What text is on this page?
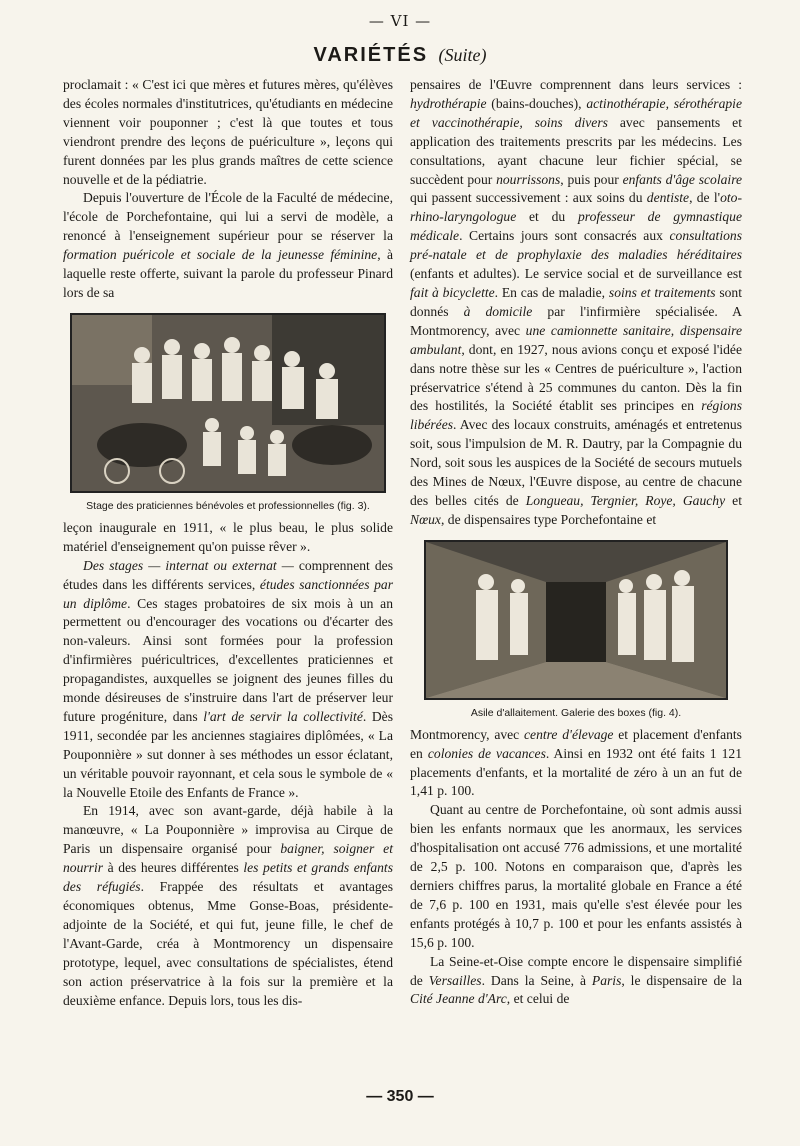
— VI —
VARIÉTÉS (Suite)

proclamait : « C'est ici que mères et futures mères, qu'élèves des écoles normales d'institutrices, qu'étudiants en médecine viennent voir pouponner ; c'est là que toutes et tous viendront prendre des leçons de puériculture », leçons qui furent données par les plus grands maîtres de cette science nouvelle et de la pédiatrie.

Depuis l'ouverture de l'École de la Faculté de médecine, l'école de Porchefontaine, qui lui a servi de modèle, a renoncé à l'enseignement supérieur pour se réserver la formation puéricole et sociale de la jeunesse féminine, à laquelle reste offerte, suivant la parole du professeur Pinard lors de sa

Stage des praticiennes bénévoles et professionnelles (fig. 3).

leçon inaugurale en 1911, « le plus beau, le plus solide matériel d'enseignement qu'on puisse rêver ».

Des stages — internat ou externat — comprennent des études dans les différents services, études sanctionnées par un diplôme. Ces stages probatoires de six mois à un an permettent ou d'encourager des vocations ou d'écarter des non-valeurs. Ainsi sont formées pour la profession d'infirmières puéricultrices, d'excellentes praticiennes et propagandistes, auxquelles se joignent des jeunes filles du monde désireuses de s'instruire dans l'art de préserver leur future progéniture, dans l'art de servir la collectivité. Dès 1911, secondée par les anciennes stagiaires diplômées, « La Pouponnière » sut donner à ses méthodes un essor éclatant, un véritable pouvoir rayonnant, et cela sous le symbole de « la Nouvelle Etoile des Enfants de France ».

En 1914, avec son avant-garde, déjà habile à la manœuvre, « La Pouponnière » improvisa au Cirque de Paris un dispensaire organisé pour baigner, soigner et nourrir à des heures différentes les petits et grands enfants des réfugiés. Frappée des résultats et avantages économiques obtenus, Mme Gonse-Boas, présidente-adjointe de la Société, et qui fut, jeune fille, le chef de l'Avant-Garde, créa à Montmorency un dispensaire prototype, lequel, avec consultations de spécialistes, étend son action préservatrice à la fois sur la première et la deuxième enfance. Depuis lors, tous les dis-

pensaires de l'Œuvre comprennent dans leurs services : hydrothérapie (bains-douches), actinothérapie, sérothérapie et vaccinothérapie, soins divers avec pansements et application des traitements prescrits par les médecins. Les consultations, ayant chacune leur fichier spécial, se succèdent pour nourrissons, puis pour enfants d'âge scolaire qui passent successivement : aux soins du dentiste, de l'oto-rhino-laryngologue et du professeur de gymnastique médicale. Certains jours sont consacrés aux consultations pré-natale et de prophylaxie des maladies héréditaires (enfants et adultes). Le service social et de surveillance est fait à bicyclette. En cas de maladie, soins et traitements sont donnés à domicile par l'infirmière spécialisée. A Montmorency, avec une camionnette sanitaire, dispensaire ambulant, dont, en 1927, nous avions conçu et exposé l'idée dans notre thèse sur les « Centres de puériculture », l'action préservatrice s'étend à 25 communes du canton. Dès la fin des hostilités, la Société établit ses principes en régions libérées. Avec des locaux construits, aménagés et entretenus soit, sous l'impulsion de M. R. Dautry, par la Compagnie du Nord, soit sous les auspices de la Société de secours mutuels des Mines de Nœux, l'Œuvre dispose, au centre de chacune des belles cités de Longueau, Tergnier, Roye, Gauchy et Nœux, de dispensaires type Porchefontaine et

Asile d'allaitement. Galerie des boxes (fig. 4).

Montmorency, avec centre d'élevage et placement d'enfants en colonies de vacances. Ainsi en 1932 ont été faits 1 121 placements d'enfants, et la mortalité de zéro à un an fut de 1,41 p. 100.

Quant au centre de Porchefontaine, où sont admis aussi bien les enfants normaux que les anormaux, les services d'hospitalisation ont accusé 776 admissions, et une mortalité de 2,5 p. 100. Notons en comparaison que, d'après les derniers chiffres parus, la mortalité globale en France a été de 7,6 p. 100 en 1931, mais qu'elle s'est élevée pour les enfants protégés à 10,7 p. 100 et pour les enfants assistés à 15,6 p. 100.

La Seine-et-Oise compte encore le dispensaire simplifié de Versailles. Dans la Seine, à Paris, le dispensaire de la Cité Jeanne d'Arc, et celui de

— 350 —
